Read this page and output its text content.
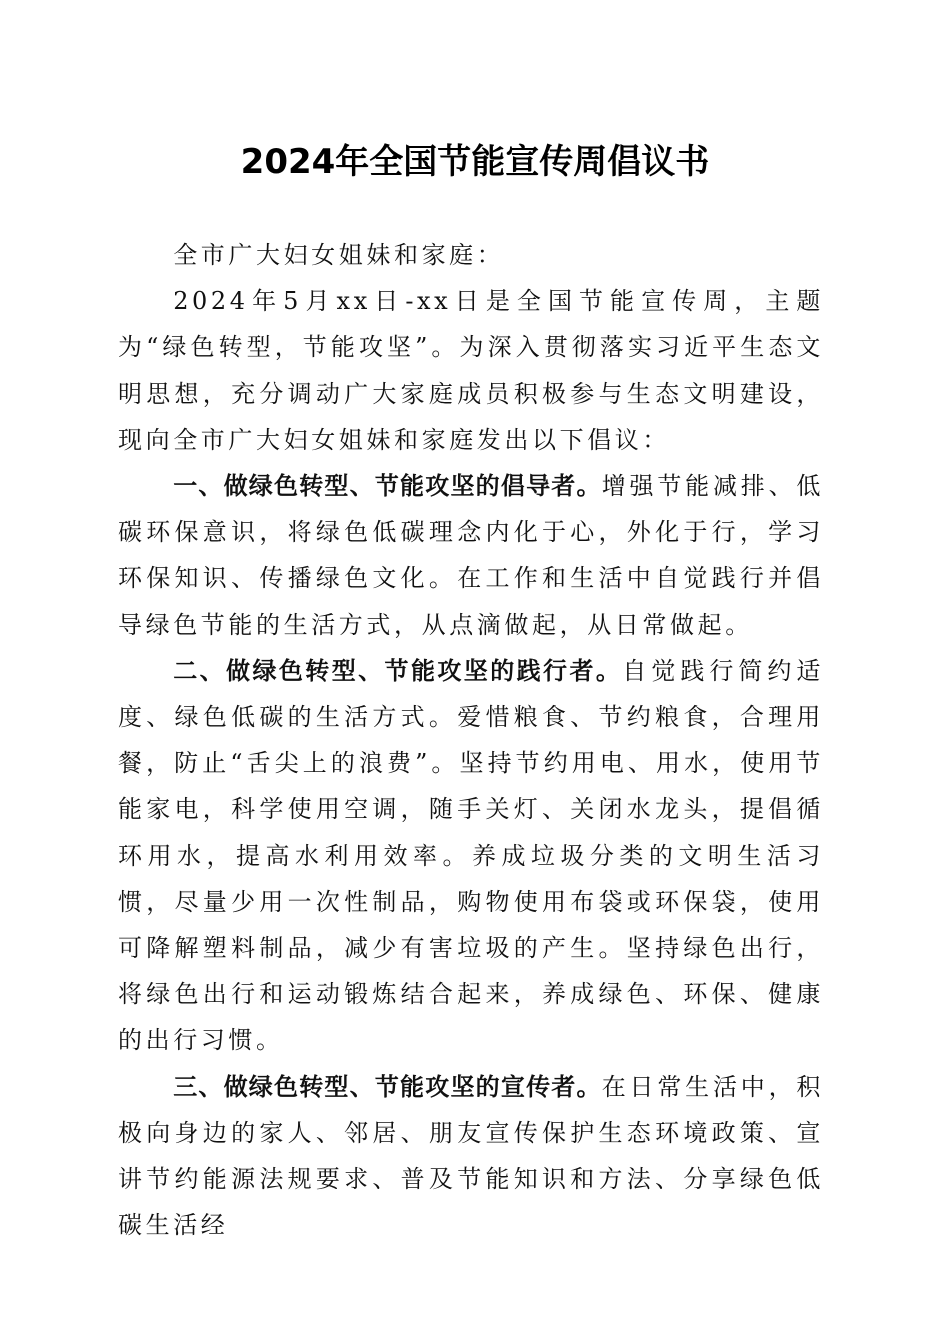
2024年全国节能宣传周倡议书

全市广大妇女姐妹和家庭：

2024年5月xx日-xx日是全国节能宣传周，主题为“绿色转型，节能攻坚”。为深入贯彻落实习近平生态文明思想，充分调动广大家庭成员积极参与生态文明建设，现向全市广大妇女姐妹和家庭发出以下倡议：

一、做绿色转型、节能攻坚的倡导者。增强节能减排、低碳环保意识，将绿色低碳理念内化于心，外化于行，学习环保知识、传播绿色文化。在工作和生活中自觉践行并倡导绿色节能的生活方式，从点滴做起，从日常做起。

二、做绿色转型、节能攻坚的践行者。自觉践行简约适度、绿色低碳的生活方式。爱惜粮食、节约粮食，合理用餐，防止“舌尖上的浪费”。坚持节约用电、用水，使用节能家电，科学使用空调，随手关灯、关闭水龙头，提倡循环用水，提高水利用效率。养成垃圾分类的文明生活习惯，尽量少用一次性制品，购物使用布袋或环保袋，使用可降解塑料制品，减少有害垃圾的产生。坚持绿色出行，将绿色出行和运动锻炼结合起来，养成绿色、环保、健康的出行习惯。

三、做绿色转型、节能攻坚的宣传者。在日常生活中，积极向身边的家人、邻居、朋友宣传保护生态环境政策、宣讲节约能源法规要求、普及节能知识和方法、分享绿色低碳生活经
